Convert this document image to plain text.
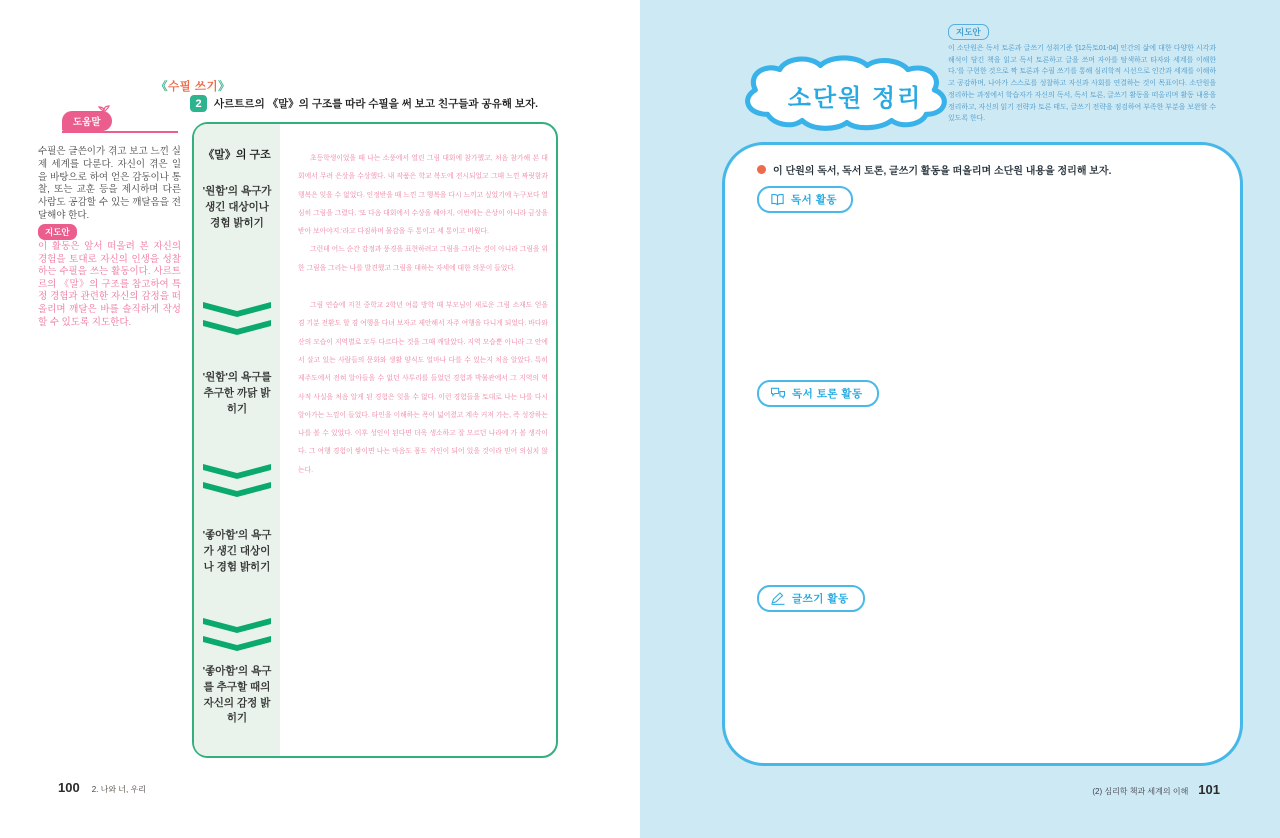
《수필 쓰기》
2	사르트르의 《말》의 구조를 따라 수필을 써 보고 친구들과 공유해 보자.
도움말
수필은 글쓴이가 겪고 보고 느낀 실제 세계를 다룬다. 자신이 겪은 일을 바탕으로 하여 얻은 감동이나 통찰, 또는 교훈 등을 제시하며 다른 사람도 공감할 수 있는 깨달음을 전달해야 한다.
지도안
이 활동은 앞서 떠올려 본 자신의 경험을 토대로 자신의 인생을 성찰하는 수필을 쓰는 활동이다. 사르트르의 《말》의 구조를 참고하여 특정 경험과 관련한 자신의 감정을 떠올리며 깨달은 바를 솔직하게 작성할 수 있도록 지도한다.
《말》의 구조
'원함'의 욕구가 생긴 대상이나 경험 밝히기
'원함'의 욕구를 추구한 까닭 밝히기
'좋아함'의 욕구가 생긴 대상이나 경험 밝히기
'좋아함'의 욕구를 추구할 때의 자신의 감정 밝히기

초등학생이었을 때 나는 소풍에서 열린 그림 대회에 참가했고, 처음 참가해 본 대회에서 무려 은상을 수상했다. 내 작품은 학교 복도에 전시되었고 그때 느낀 짜릿함과 행복은 잊을 수 없었다. 인정받을 때 느낀 그 행복을 다시 느끼고 싶었기에 누구보다 열심히 그림을 그렸다. '또 다음 대회에서 수상을 해야지, 이번에는 은상이 아니라 금상을 받아 보아야지.'라고 다짐하며 물감을 두 통이고 세 통이고 비웠다.

그런데 어느 순간 감정과 풍경을 표현하려고 그림을 그리는 것이 아니라 그림을 위한 그림을 그리는 나를 발견했고 그림을 대하는 자세에 대한 의문이 들었다.

그림 연습에 지친 중학교 2학년 여름 방학 때 부모님이 새로운 그림 소재도 얻을 겸 기분 전환도 할 겸 여행을 다녀 보자고 제안해서 자주 여행을 다니게 되었다. 바다와 산의 모습이 지역별로 모두 다르다는 것을 그때 깨달았다. 지역 모습뿐 아니라 그 안에서 살고 있는 사람들의 문화와 생활 양식도 얼마나 다를 수 있는지 처음 알았다. 특히 제주도에서 전혀 알아들을 수 없던 사투리를 들었던 경험과 박물관에서 그 지역의 역사적 사실을 처음 알게 된 경험은 잊을 수 없다. 이런 경험들을 토대로 나는 나를 다시 알아가는 느낌이 들었다. 타인을 이해하는 폭이 넓어졌고 계속 커져 가는, 즉 성장하는 나를 볼 수 있었다. 이후 성인이 된다면 더욱 생소하고 잘 모르던 나라에 가 볼 생각이다. 그 여행 경험이 쌓이면 나는 마음도 몸도 거인이 되어 있을 것이라 믿어 의심치 않는다.

100 2. 나와 너, 우리
지도안
이 소단원은 독서 토론과 글쓰기 성취기준 '[12독토01-04] 인간의 삶에 대한 다양한 시각과 해석이 담긴 책을 읽고 독서 토론하고 글을 쓰며 자아를 탐색하고 타자와 세계를 이해한다.'를 구현한 것으로 짝 토론과 수필 쓰기를 통해 심리학적 시선으로 인간과 세계를 이해하고 공감하며, 나아가 스스로를 성찰하고 자신과 사회를 연결하는 것이 목표이다. 소단원을 정리하는 과정에서 학습자가 자신의 독서, 독서 토론, 글쓰기 활동을 떠올리며 활동 내용을 정리하고, 자신의 읽기 전략과 토론 태도, 글쓰기 전략을 점검하여 부족한 부분을 보완할 수 있도록 한다.
소단원 정리
이 단원의 독서, 독서 토론, 글쓰기 활동을 떠올리며 소단원 내용을 정리해 보자.
독서 활동
독서 토론 활동
글쓰기 활동
(2) 심리학 책과 세계의 이해 101
